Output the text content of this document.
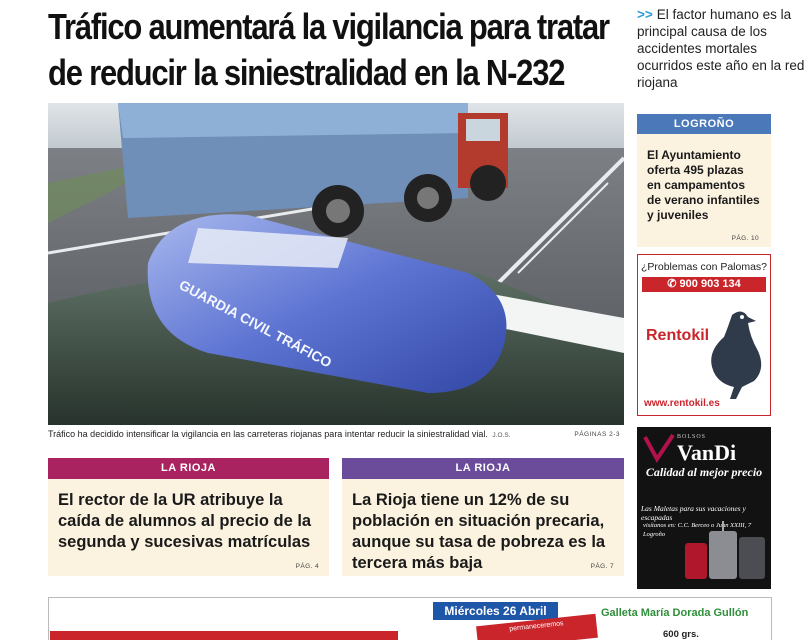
Tráfico aumentará la vigilancia para tratar de reducir la siniestralidad en la N-232
>> El factor humano es la principal causa de los accidentes mortales ocurridos este año en la red riojana
GUARDIA CIVIL TRÁFICO
Tráfico ha decidido intensificar la vigilancia en las carreteras riojanas para intentar reducir la siniestralidad vial. J.O.S.	PÁGINAS 2-3
LOGROÑO
El Ayuntamiento oferta 495 plazas en campamentos de verano infantiles y juveniles
PÁG. 10
¿Problemas con Palomas?
✆ 900 903 134
Rentokil
www.rentokil.es
BOLSOS
VanDi
Calidad al mejor precio
Las Maletas para sus vacaciones y escapadas
visítanos en: C.C. Berceo o Juan XXIII, 7 Logroño
LA RIOJA
El rector de la UR atribuye la caída de alumnos al precio de la segunda y sucesivas matrículas
PÁG. 4
LA RIOJA
La Rioja tiene un 12% de su población en situación precaria, aunque su tasa de pobreza es la tercera más baja	PÁG. 7
Miércoles 26 Abril
permaneceremos
Galleta María Dorada Gullón
600 grs.
